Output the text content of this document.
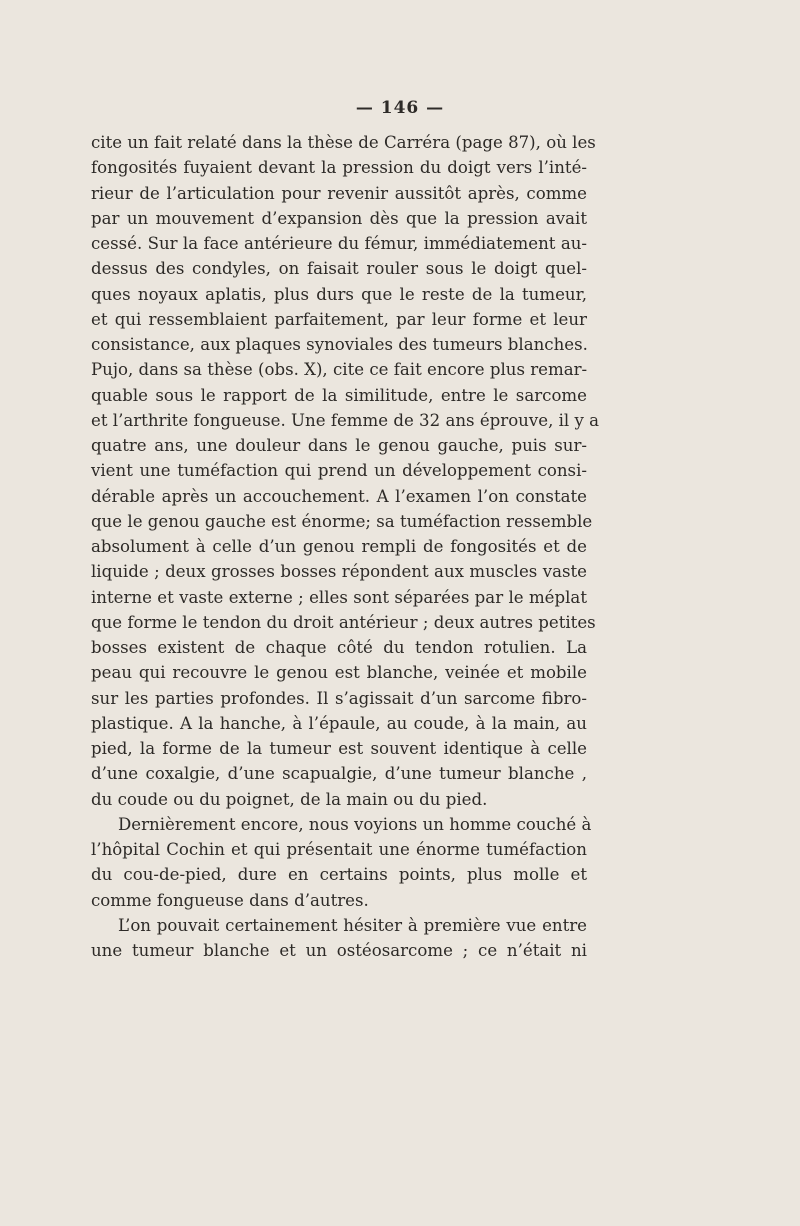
— 146 —
cite un fait relaté dans la thèse de Carréra (page 87), où les
fongosités fuyaient devant la pression du doigt vers l’inté-
rieur de l’articulation pour revenir aussitôt après, comme
par un mouvement d’expansion dès que la pression avait
cessé. Sur la face antérieure du fémur, immédiatement au-
dessus des condyles, on faisait rouler sous le doigt quel-
ques noyaux aplatis, plus durs que le reste de la tumeur,
et qui ressemblaient parfaitement, par leur forme et leur
consistance, aux plaques synoviales des tumeurs blanches.
Pujo, dans sa thèse (obs. X), cite ce fait encore plus remar-
quable sous le rapport de la similitude, entre le sarcome
et l’arthrite fongueuse. Une femme de 32 ans éprouve, il y a
quatre ans, une douleur dans le genou gauche, puis sur-
vient une tuméfaction qui prend un développement consi-
dérable après un accouchement. A l’examen l’on constate
que le genou gauche est énorme; sa tuméfaction ressemble
absolument à celle d’un genou rempli de fongosités et de
liquide ; deux grosses bosses répondent aux muscles vaste
interne et vaste externe ; elles sont séparées par le méplat
que forme le tendon du droit antérieur ; deux autres petites
bosses existent de chaque côté du tendon rotulien. La
peau qui recouvre le genou est blanche, veinée et mobile
sur les parties profondes. Il s’agissait d’un sarcome fibro-
plastique. A la hanche, à l’épaule, au coude, à la main, au
pied, la forme de la tumeur est souvent identique à celle
d’une coxalgie, d’une scapualgie, d’une tumeur blanche ,
du coude ou du poignet, de la main ou du pied.
Dernièrement encore, nous voyions un homme couché à
l’hôpital Cochin et qui présentait une énorme tuméfaction
du cou-de-pied, dure en certains points, plus molle et
comme fongueuse dans d’autres.
L’on pouvait certainement hésiter à première vue entre
une tumeur blanche et un ostéosarcome ; ce n’était ni
